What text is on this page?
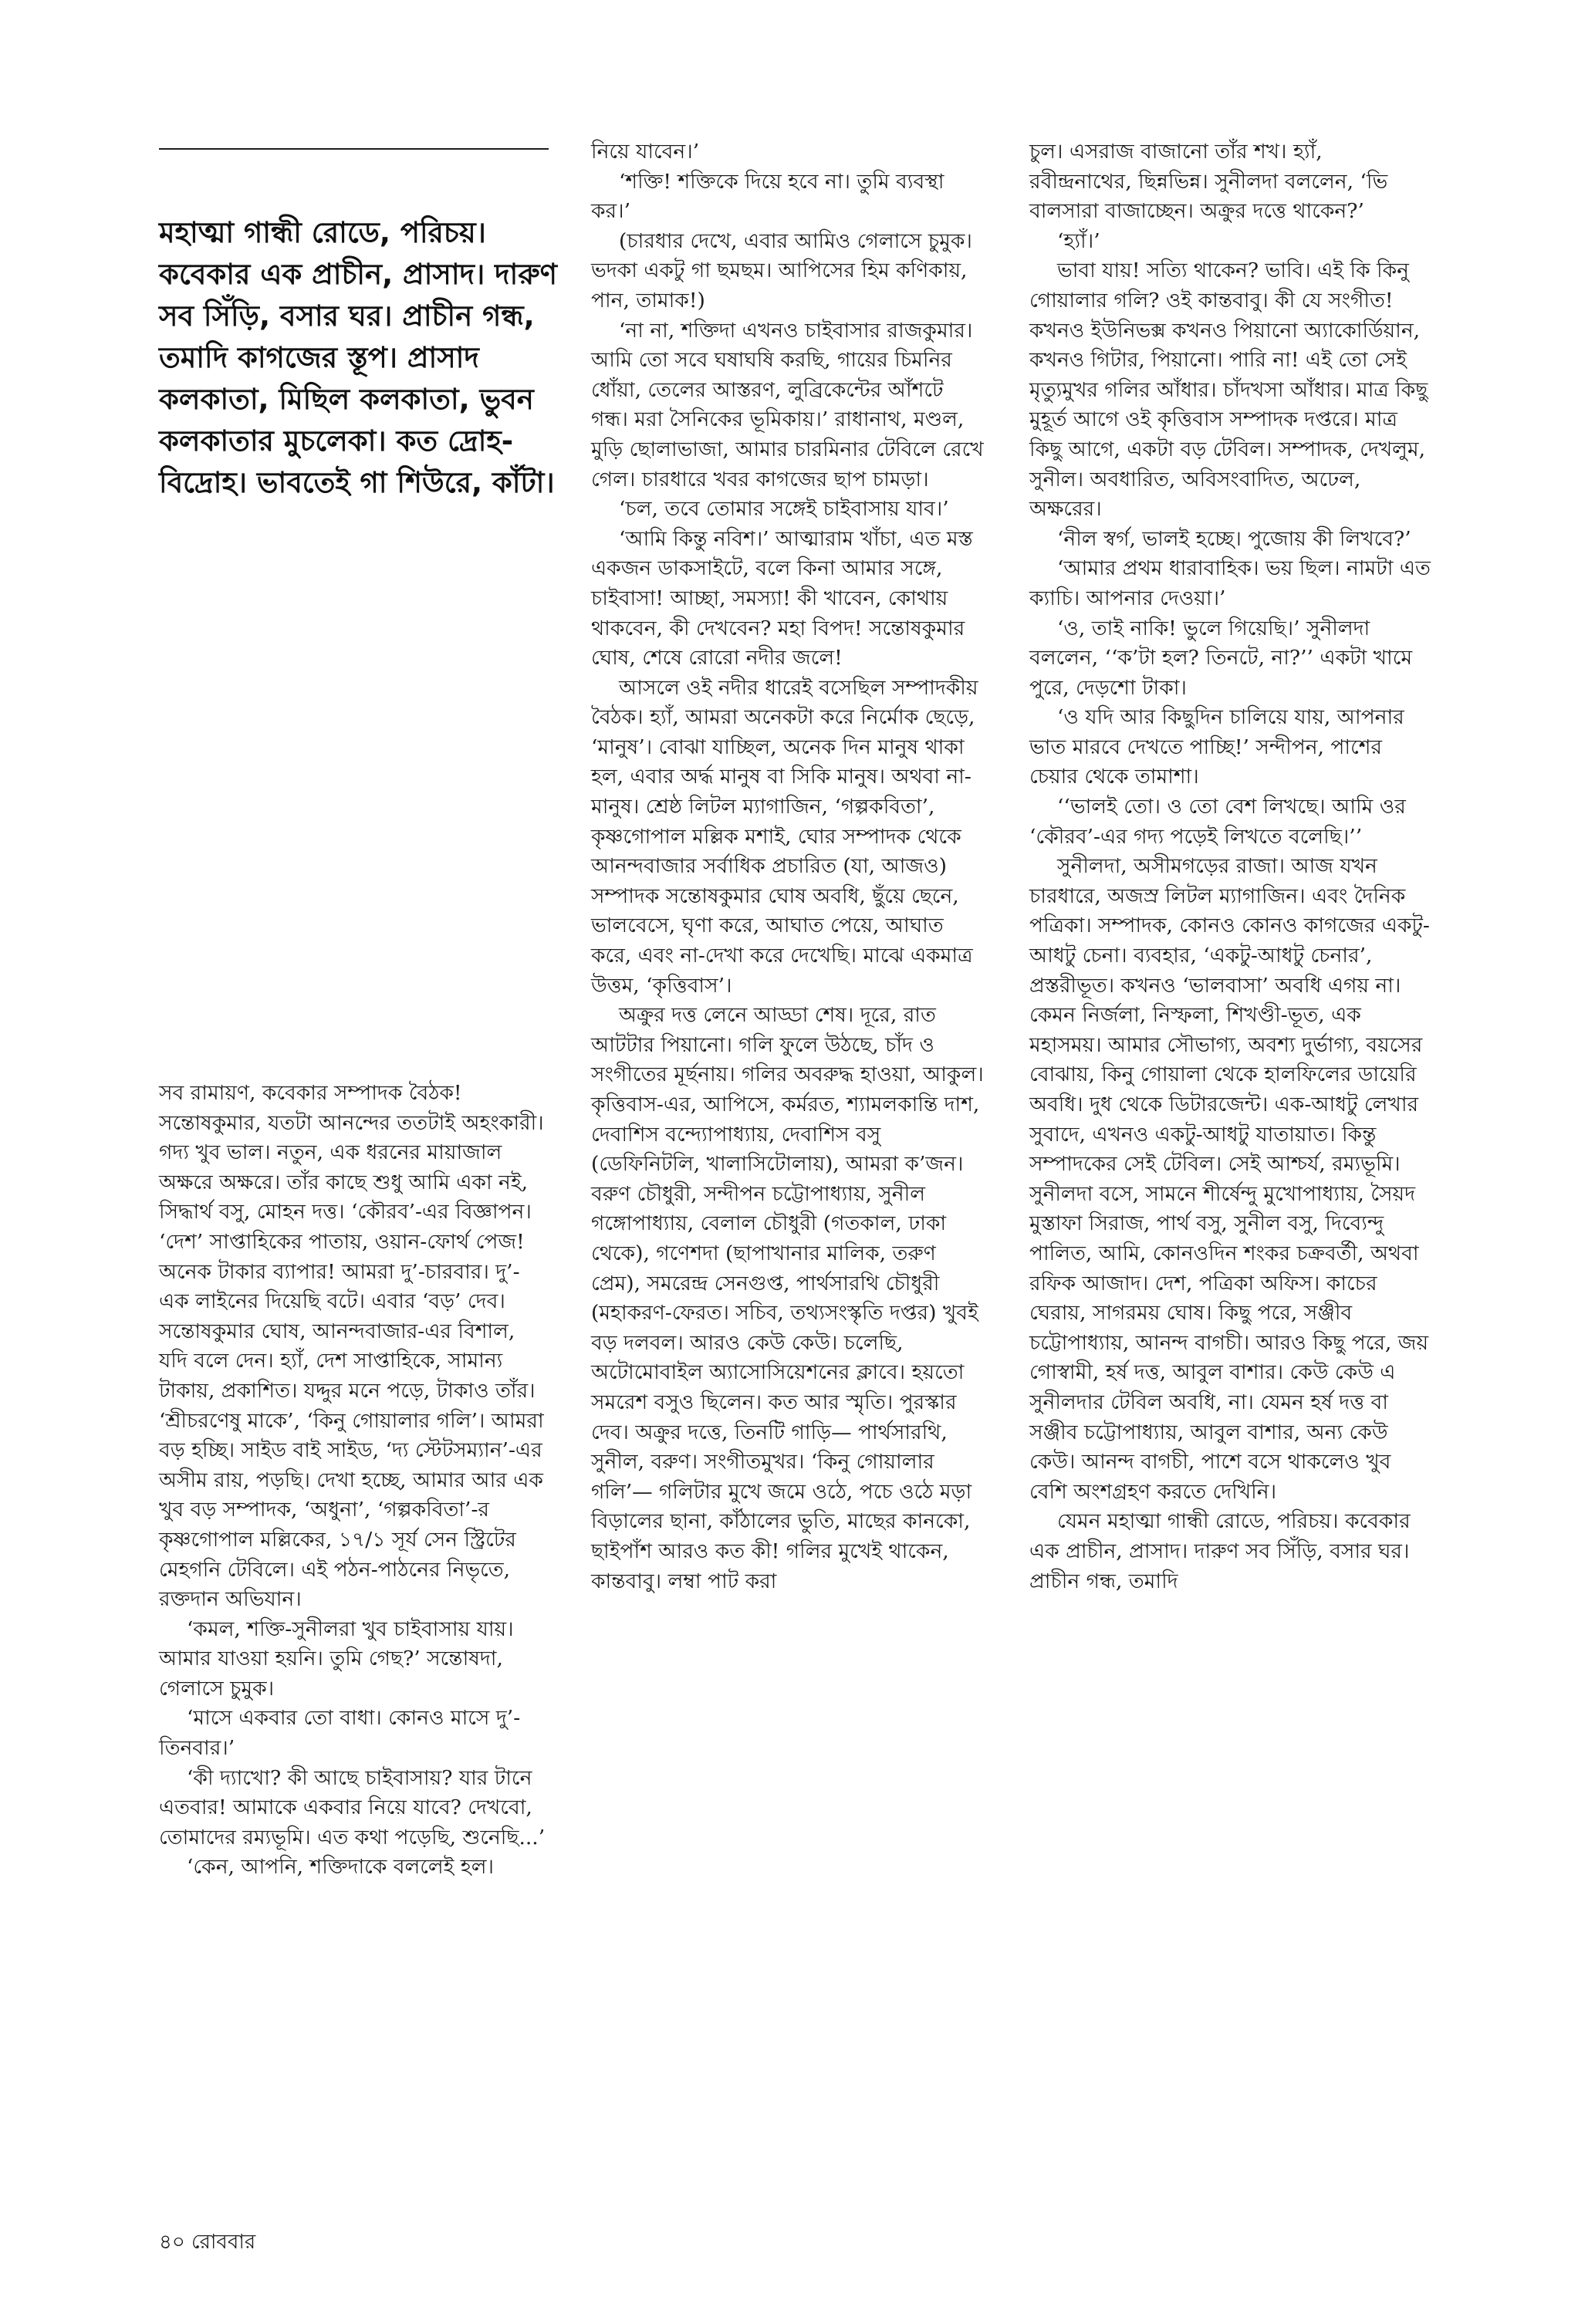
মহাত্মা গান্ধী রোডে, পরিচয়। কবেকার এক প্রাচীন, প্রাসাদ। দারুণ সব সিঁড়ি, বসার ঘর। প্রাচীন গন্ধ, তমাদি কাগজের স্তূপ। প্রাসাদ কলকাতা, মিছিল কলকাতা, ভুবন কলকাতার মুচলেকা। কত দ্রোহ-বিদ্রোহ। ভাবতেই গা শিউরে, কাঁটা।

সব রামায়ণ, কবেকার সম্পাদক বৈঠক! সন্তোষকুমার, যতটা আনন্দের ততটাই অহংকারী। গদ্য খুব ভাল। নতুন, এক ধরনের মায়াজাল অক্ষরে অক্ষরে। তাঁর কাছে শুধু আমি একা নই, সিদ্ধার্থ বসু, মোহন দত্ত। ‘কৌরব’-এর বিজ্ঞাপন। ‘দেশ’ সাপ্তাহিকের পাতায়, ওয়ান-ফোর্থ পেজ! অনেক টাকার ব্যাপার! আমরা দু’-চারবার। দু’-এক লাইনের দিয়েছি বটে। এবার ‘বড়’ দেব। সন্তোষকুমার ঘোষ, আনন্দবাজার-এর বিশাল, যদি বলে দেন। হ্যাঁ, দেশ সাপ্তাহিকে, সামান্য টাকায়, প্রকাশিত। যদ্দুর মনে পড়ে, টাকাও তাঁর। ‘শ্রীচরণেষু মাকে’, ‘কিনু গোয়ালার গলি’। আমরা বড় হচ্ছি। সাইড বাই সাইড, ‘দ্য স্টেটসম্যান’-এর অসীম রায়, পড়ছি। দেখা হচ্ছে, আমার আর এক খুব বড় সম্পাদক, ‘অধুনা’, ‘গল্পকবিতা’-র কৃষ্ণগোপাল মল্লিকের, ১৭/১ সূর্য সেন স্ট্রিটের মেহগনি টেবিলে। এই পঠন-পাঠনের নিভৃতে, রক্তদান অভিযান।

‘কমল, শক্তি-সুনীলরা খুব চাইবাসায় যায়। আমার যাওয়া হয়নি। তুমি গেছ?’ সন্তোষদা, গেলাসে চুমুক।

‘মাসে একবার তো বাধা। কোনও মাসে দু’-তিনবার।’

‘কী দ্যাখো? কী আছে চাইবাসায়? যার টানে এতবার! আমাকে একবার নিয়ে যাবে? দেখবো, তোমাদের রম্যভূমি। এত কথা পড়েছি, শুনেছি...’

‘কেন, আপনি, শক্তিদাকে বললেই হল।

নিয়ে যাবেন।’

‘শক্তি! শক্তিকে দিয়ে হবে না। তুমি ব্যবস্থা কর।’

(চারধার দেখে, এবার আমিও গেলাসে চুমুক। ভদকা একটু গা ছমছম। আপিসের হিম কণিকায়, পান, তামাক!)

‘না না, শক্তিদা এখনও চাইবাসার রাজকুমার। আমি তো সবে ঘষাঘষি করছি, গায়ের চিমনির ধোঁয়া, তেলের আস্তরণ, লুব্রিকেন্টের আঁশটে গন্ধ। মরা সৈনিকের ভূমিকায়।’ রাধানাথ, মণ্ডল, মুড়ি ছোলাভাজা, আমার চারমিনার টেবিলে রেখে গেল। চারধারে খবর কাগজের ছাপ চামড়া।

‘চল, তবে তোমার সঙ্গেই চাইবাসায় যাব।’

‘আমি কিন্তু নবিশ।’ আত্মারাম খাঁচা, এত মস্ত একজন ডাকসাইটে, বলে কিনা আমার সঙ্গে, চাইবাসা! আচ্ছা, সমস্যা! কী খাবেন, কোথায় থাকবেন, কী দেখবেন? মহা বিপদ! সন্তোষকুমার ঘোষ, শেষে রোরো নদীর জলে!

আসলে ওই নদীর ধারেই বসেছিল সম্পাদকীয় বৈঠক। হ্যাঁ, আমরা অনেকটা করে নির্মোক ছেড়ে, ‘মানুষ’। বোঝা যাচ্ছিল, অনেক দিন মানুষ থাকা হল, এবার অর্দ্ধ মানুষ বা সিকি মানুষ। অথবা না-মানুষ। শ্রেষ্ঠ লিটল ম্যাগাজিন, ‘গল্পকবিতা’, কৃষ্ণগোপাল মল্লিক মশাই, ঘোর সম্পাদক থেকে আনন্দবাজার সর্বাধিক প্রচারিত (যা, আজও) সম্পাদক সন্তোষকুমার ঘোষ অবধি, ছুঁয়ে ছেনে, ভালবেসে, ঘৃণা করে, আঘাত পেয়ে, আঘাত করে, এবং না-দেখা করে দেখেছি। মাঝে একমাত্র উত্তম, ‘কৃত্তিবাস’।

অক্রুর দত্ত লেনে আড্ডা শেষ। দূরে, রাত আটটার পিয়ানো। গলি ফুলে উঠছে, চাঁদ ও সংগীতের মূর্ছনায়। গলির অবরুদ্ধ হাওয়া, আকুল। কৃত্তিবাস-এর, আপিসে, কর্মরত, শ্যামলকান্তি দাশ, দেবাশিস বন্দ্যোপাধ্যায়, দেবাশিস বসু (ডেফিনিটলি, খালাসিটোলায়), আমরা ক’জন। বরুণ চৌধুরী, সন্দীপন চট্টোপাধ্যায়, সুনীল গঙ্গোপাধ্যায়, বেলাল চৌধুরী (গতকাল, ঢাকা থেকে), গণেশদা (ছাপাখানার মালিক, তরুণ প্রেম), সমরেন্দ্র সেনগুপ্ত, পার্থসারথি চৌধুরী (মহাকরণ-ফেরত। সচিব, তথ্যসংস্কৃতি দপ্তর) খুবই বড় দলবল। আরও কেউ কেউ। চলেছি, অটোমোবাইল অ্যাসোসিয়েশনের ক্লাবে। হয়তো সমরেশ বসুও ছিলেন। কত আর স্মৃতি। পুরস্কার দেব। অক্রুর দত্তে, তিনটি গাড়ি— পার্থসারথি, সুনীল, বরুণ। সংগীতমুখর। ‘কিনু গোয়ালার গলি’— গলিটার মুখে জমে ওঠে, পচে ওঠে মড়া বিড়ালের ছানা, কাঁঠালের ভুতি, মাছের কানকো, ছাইপাঁশ আরও কত কী! গলির মুখেই থাকেন, কান্তবাবু। লম্বা পাট করা

চুল। এসরাজ বাজানো তাঁর শখ। হ্যাঁ, রবীন্দ্রনাথের, ছিন্নভিন্ন। সুনীলদা বললেন, ‘ভি বালসারা বাজাচ্ছেন। অক্রুর দত্তে থাকেন?’

‘হ্যাঁ।’

ভাবা যায়! সত্যি থাকেন? ভাবি। এই কি কিনু গোয়ালার গলি? ওই কান্তবাবু। কী যে সংগীত! কখনও ইউনিভক্স কখনও পিয়ানো অ্যাকোর্ডিয়ান, কখনও গিটার, পিয়ানো। পারি না! এই তো সেই মৃত্যুমুখর গলির আঁধার। চাঁদখসা আঁধার। মাত্র কিছু মুহূর্ত আগে ওই কৃত্তিবাস সম্পাদক দপ্তরে। মাত্র কিছু আগে, একটা বড় টেবিল। সম্পাদক, দেখলুম, সুনীল। অবধারিত, অবিসংবাদিত, অঢেল, অক্ষরের।

‘নীল স্বর্গ, ভালই হচ্ছে। পুজোয় কী লিখবে?’

‘আমার প্রথম ধারাবাহিক। ভয় ছিল। নামটা এত ক্যাচি। আপনার দেওয়া।’

‘ও, তাই নাকি! ভুলে গিয়েছি।’ সুনীলদা বললেন, ‘‘ক’টা হল? তিনটে, না?’’ একটা খামে পুরে, দেড়শো টাকা।

‘ও যদি আর কিছুদিন চালিয়ে যায়, আপনার ভাত মারবে দেখতে পাচ্ছি!’ সন্দীপন, পাশের চেয়ার থেকে তামাশা।

‘‘ভালই তো। ও তো বেশ লিখছে। আমি ওর ‘কৌরব’-এর গদ্য পড়েই লিখতে বলেছি।’’

সুনীলদা, অসীমগড়ের রাজা। আজ যখন চারধারে, অজস্র লিটল ম্যাগাজিন। এবং দৈনিক পত্রিকা। সম্পাদক, কোনও কোনও কাগজের একটু-আধটু চেনা। ব্যবহার, ‘একটু-আধটু চেনার’, প্রস্তরীভূত। কখনও ‘ভালবাসা’ অবধি এগয় না। কেমন নির্জলা, নিস্ফলা, শিখণ্ডী-ভূত, এক মহাসময়। আমার সৌভাগ্য, অবশ্য দুর্ভাগ্য, বয়সের বোঝায়, কিনু গোয়ালা থেকে হালফিলের ডায়েরি অবধি। দুধ থেকে ডিটারজেন্ট। এক-আধটু লেখার সুবাদে, এখনও একটু-আধটু যাতায়াত। কিন্তু সম্পাদকের সেই টেবিল। সেই আশ্চর্য, রম্যভূমি। সুনীলদা বসে, সামনে শীর্ষেন্দু মুখোপাধ্যায়, সৈয়দ মুস্তাফা সিরাজ, পার্থ বসু, সুনীল বসু, দিব্যেন্দু পালিত, আমি, কোনওদিন শংকর চক্রবর্তী, অথবা রফিক আজাদ। দেশ, পত্রিকা অফিস। কাচের ঘেরায়, সাগরময় ঘোষ। কিছু পরে, সঞ্জীব চট্টোপাধ্যায়, আনন্দ বাগচী। আরও কিছু পরে, জয় গোস্বামী, হর্ষ দত্ত, আবুল বাশার। কেউ কেউ এ সুনীলদার টেবিল অবধি, না। যেমন হর্ষ দত্ত বা সঞ্জীব চট্টোপাধ্যায়, আবুল বাশার, অন্য কেউ কেউ। আনন্দ বাগচী, পাশে বসে থাকলেও খুব বেশি অংশগ্রহণ করতে দেখিনি।

যেমন মহাত্মা গান্ধী রোডে, পরিচয়। কবেকার এক প্রাচীন, প্রাসাদ। দারুণ সব সিঁড়ি, বসার ঘর। প্রাচীন গন্ধ, তমাদি

৪০ রোববার
